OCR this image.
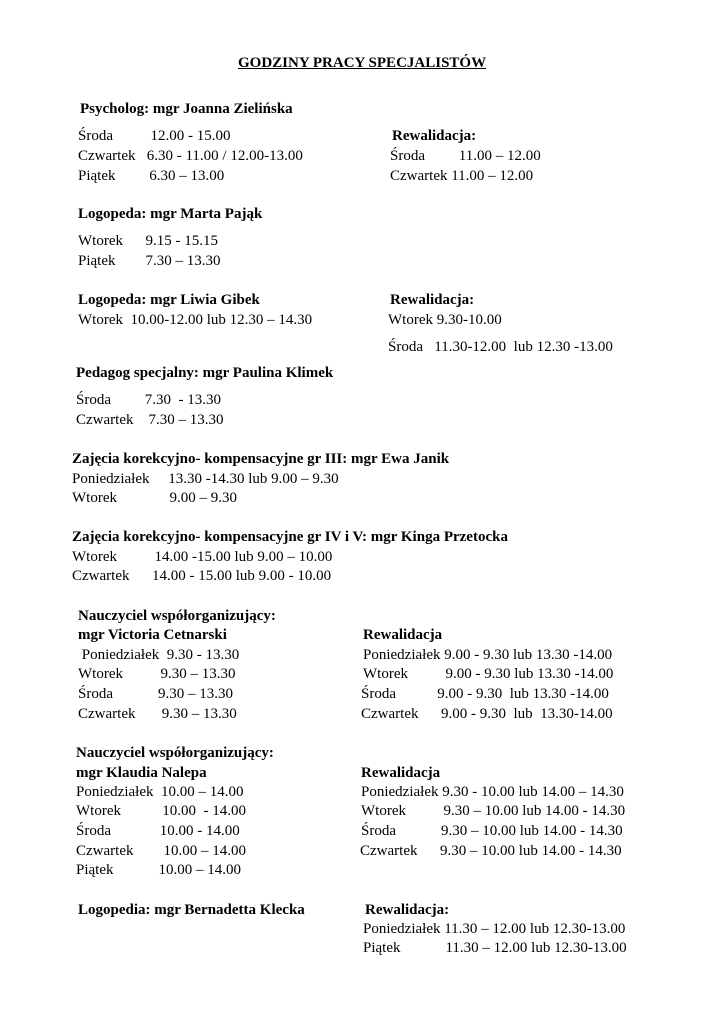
GODZINY PRACY SPECJALISTÓW
Psycholog: mgr Joanna Zielińska
Środa          12.00 - 15.00
Czwartek   6.30 - 11.00 / 12.00-13.00
Piątek         6.30 – 13.00
Rewalidacja:
Środa         11.00 – 12.00
Czwartek 11.00 – 12.00
Logopeda: mgr Marta Pająk
Wtorek      9.15 - 15.15
Piątek        7.30 – 13.30
Logopeda: mgr Liwia Gibek
Wtorek  10.00-12.00 lub 12.30 – 14.30
Rewalidacja:
Wtorek 9.30-10.00
Środa   11.30-12.00  lub 12.30 -13.00
Pedagog specjalny: mgr Paulina Klimek
Środa         7.30  - 13.30
Czwartek    7.30 – 13.30
Zajęcia korekcyjno- kompensacyjne gr III: mgr Ewa Janik
Poniedziałek     13.30 -14.30 lub 9.00 – 9.30
Wtorek              9.00 – 9.30
Zajęcia korekcyjno- kompensacyjne gr IV i V: mgr Kinga Przetocka
Wtorek          14.00 -15.00 lub 9.00 – 10.00
Czwartek      14.00 - 15.00 lub 9.00 - 10.00
Nauczyciel współorganizujący:
mgr Victoria Cetnarski
Poniedziałek  9.30 - 13.30
Wtorek          9.30 – 13.30
Środa            9.30 – 13.30
Czwartek       9.30 – 13.30
Rewalidacja
Poniedziałek 9.00 - 9.30 lub 13.30 -14.00
Wtorek          9.00 - 9.30 lub 13.30 -14.00
Środa           9.00 - 9.30  lub 13.30 -14.00
Czwartek      9.00 - 9.30  lub  13.30-14.00
Nauczyciel współorganizujący:
mgr Klaudia Nalepa
Poniedziałek  10.00 – 14.00
Wtorek           10.00  - 14.00
Środa             10.00 - 14.00
Czwartek        10.00 – 14.00
Piątek            10.00 – 14.00
Rewalidacja
Poniedziałek 9.30 - 10.00 lub 14.00 – 14.30
Wtorek          9.30 – 10.00 lub 14.00 - 14.30
Środa            9.30 – 10.00 lub 14.00 - 14.30
Czwartek      9.30 – 10.00 lub 14.00 - 14.30
Logopedia: mgr Bernadetta Klecka	Rewalidacja:
Poniedziałek 11.30 – 12.00 lub 12.30-13.00
Piątek            11.30 – 12.00 lub 12.30-13.00
